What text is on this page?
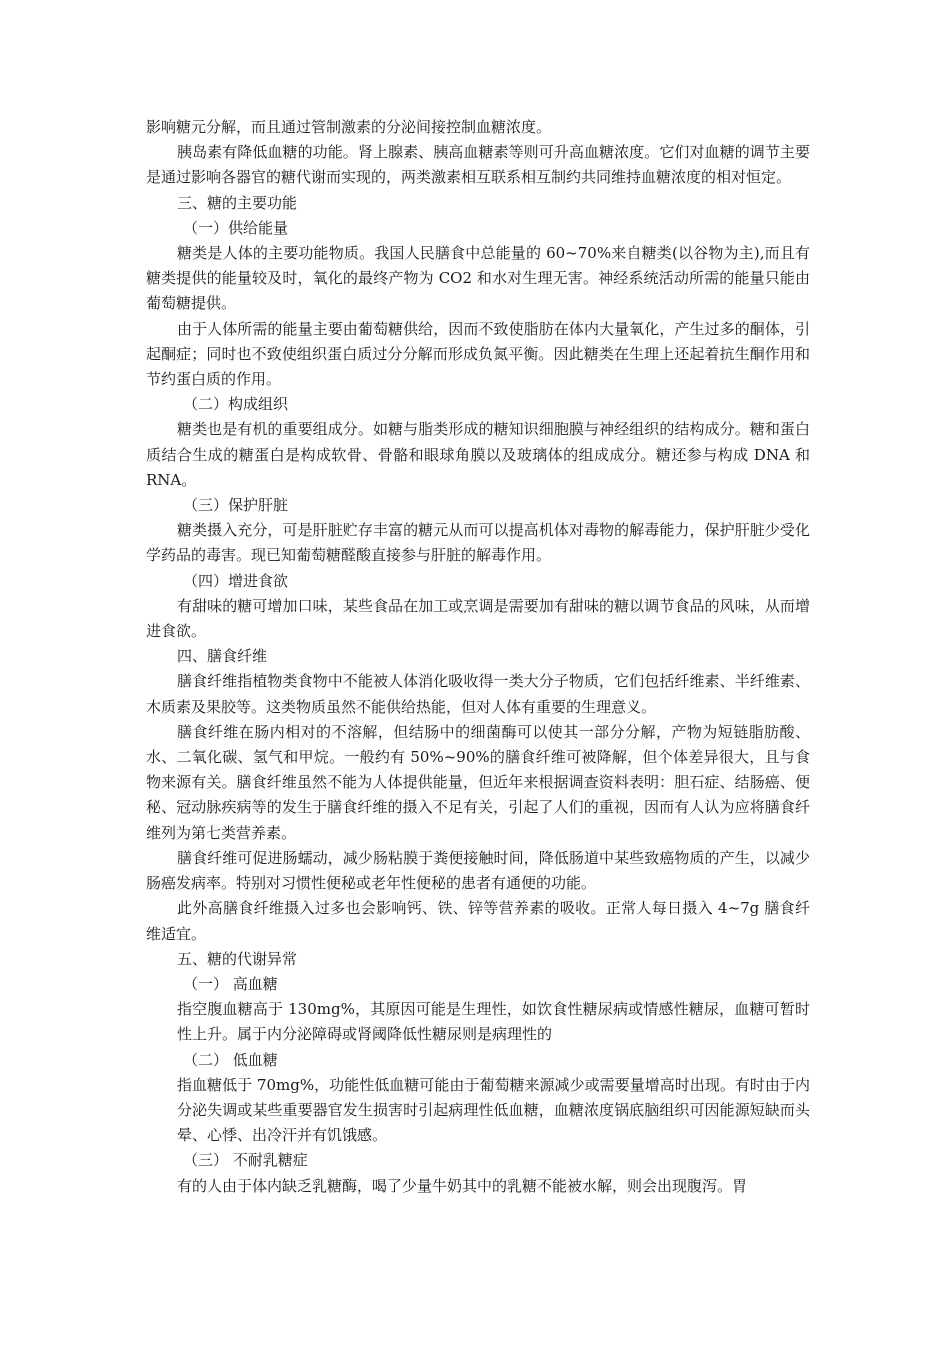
影响糖元分解，而且通过管制激素的分泌间接控制血糖浓度。

胰岛素有降低血糖的功能。肾上腺素、胰高血糖素等则可升高血糖浓度。它们对血糖的调节主要是通过影响各器官的糖代谢而实现的，两类激素相互联系相互制约共同维持血糖浓度的相对恒定。

三、糖的主要功能

（一）供给能量

糖类是人体的主要功能物质。我国人民膳食中总能量的 60~70%来自糖类(以谷物为主),而且有糖类提供的能量较及时，氧化的最终产物为 CO2 和水对生理无害。神经系统活动所需的能量只能由葡萄糖提供。

由于人体所需的能量主要由葡萄糖供给，因而不致使脂肪在体内大量氧化，产生过多的酮体，引起酮症；同时也不致使组织蛋白质过分分解而形成负氮平衡。因此糖类在生理上还起着抗生酮作用和节约蛋白质的作用。

（二）构成组织

糖类也是有机的重要组成分。如糖与脂类形成的糖知识细胞膜与神经组织的结构成分。糖和蛋白质结合生成的糖蛋白是构成软骨、骨骼和眼球角膜以及玻璃体的组成成分。糖还参与构成 DNA 和 RNA。

（三）保护肝脏

糖类摄入充分，可是肝脏贮存丰富的糖元从而可以提高机体对毒物的解毒能力，保护肝脏少受化学药品的毒害。现已知葡萄糖醛酸直接参与肝脏的解毒作用。

（四）增进食欲

有甜味的糖可增加口味，某些食品在加工或烹调是需要加有甜味的糖以调节食品的风味，从而增进食欲。

四、膳食纤维

膳食纤维指植物类食物中不能被人体消化吸收得一类大分子物质，它们包括纤维素、半纤维素、木质素及果胶等。这类物质虽然不能供给热能，但对人体有重要的生理意义。

膳食纤维在肠内相对的不溶解，但结肠中的细菌酶可以使其一部分分解，产物为短链脂肪酸、水、二氧化碳、氢气和甲烷。一般约有 50%~90%的膳食纤维可被降解，但个体差异很大，且与食物来源有关。膳食纤维虽然不能为人体提供能量，但近年来根据调查资料表明：胆石症、结肠癌、便秘、冠动脉疾病等的发生于膳食纤维的摄入不足有关，引起了人们的重视，因而有人认为应将膳食纤维列为第七类营养素。

膳食纤维可促进肠蠕动，减少肠粘膜于粪便接触时间，降低肠道中某些致癌物质的产生，以减少肠癌发病率。特别对习惯性便秘或老年性便秘的患者有通便的功能。

此外高膳食纤维摄入过多也会影响钙、铁、锌等营养素的吸收。正常人每日摄入 4~7g 膳食纤维适宜。

五、糖的代谢异常

（一） 高血糖

指空腹血糖高于 130mg%，其原因可能是生理性，如饮食性糖尿病或情感性糖尿，血糖可暂时性上升。属于内分泌障碍或肾阈降低性糖尿则是病理性的

（二） 低血糖

指血糖低于 70mg%，功能性低血糖可能由于葡萄糖来源减少或需要量增高时出现。有时由于内分泌失调或某些重要器官发生损害时引起病理性低血糖，血糖浓度锅底脑组织可因能源短缺而头晕、心悸、出冷汗并有饥饿感。

（三） 不耐乳糖症

有的人由于体内缺乏乳糖酶，喝了少量牛奶其中的乳糖不能被水解，则会出现腹泻。胃
